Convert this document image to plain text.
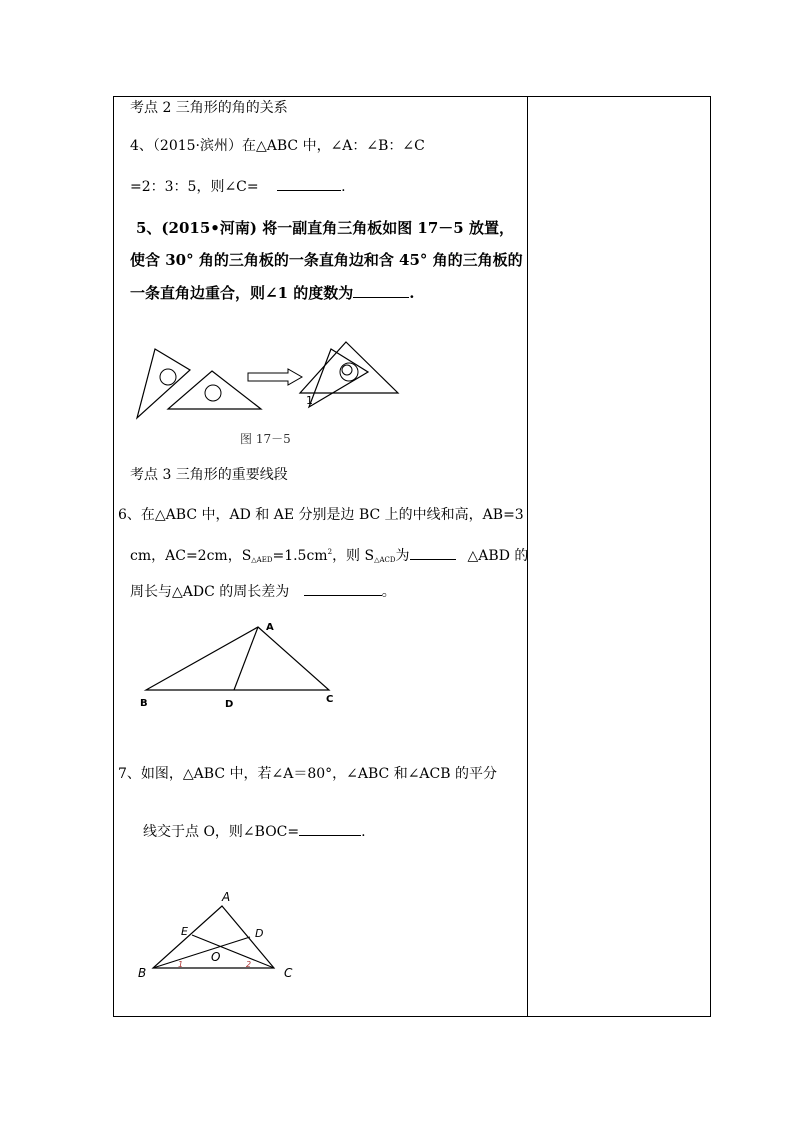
考点 2 三角形的角的关系
4、（2015·滨州）在△ABC 中，∠A：∠B：∠C
=2：3：5，则∠C=	.
5、(2015•河南) 将一副直角三角板如图 17－5 放置，
使含 30° 角的三角板的一条直角边和含 45° 角的三角板的
一条直角边重合，则∠1 的度数为	.
1
图 17－5
考点 3 三角形的重要线段
6、在△ABC 中，AD 和 AE 分别是边 BC 上的中线和高，AB=3
cm，AC=2cm，$S_{\triangle AED}=1.5cm^2$，则 $S_{\triangle ACD}$为	△ABD 的
周长与△ADC 的周长差为	。
A
B	D	C
7、如图，△ABC 中，若∠A＝80°，∠ABC 和∠ACB 的平分
线交于点 O，则∠BOC=	.
A
E	D
O
B	C
1	2
